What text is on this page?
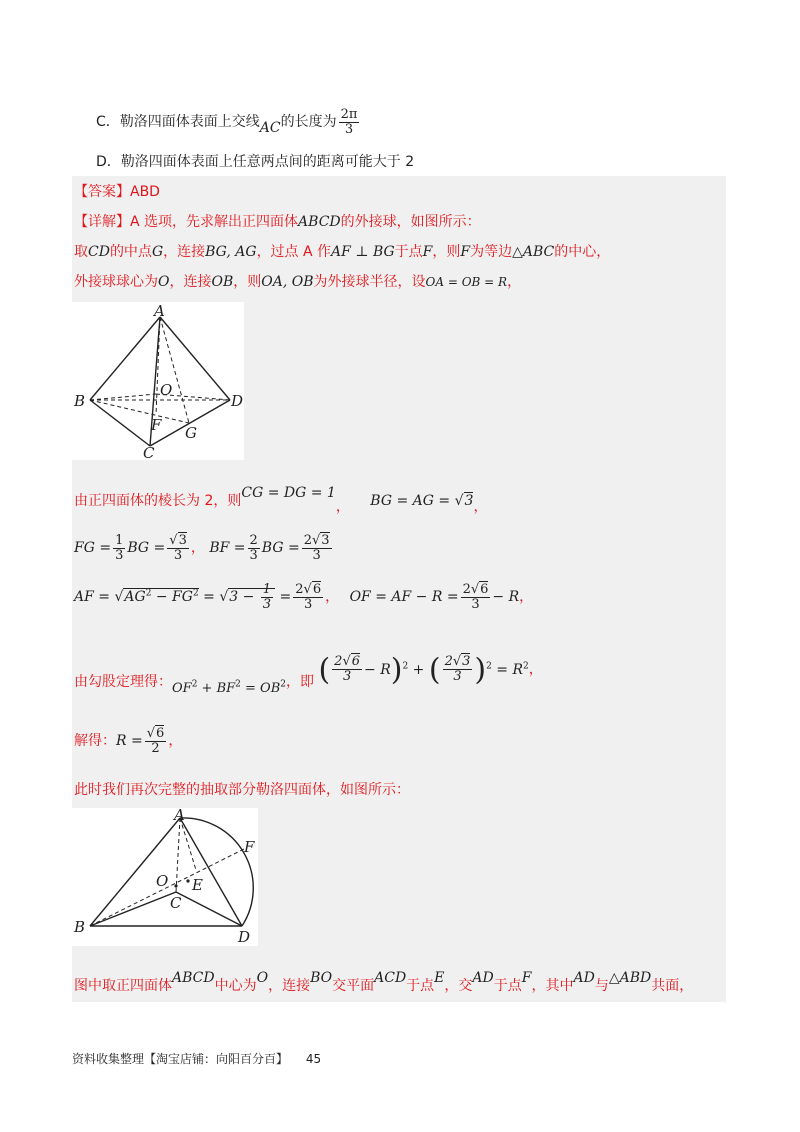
C．勒洛四面体表面上交线AC的长度为 $\frac{2\pi}{3}$
D．勒洛四面体表面上任意两点间的距离可能大于 2
【答案】ABD
【详解】A 选项，先求解出正四面体ABCD的外接球，如图所示：
取CD的中点G，连接BG, AG，过点 A 作AF ⊥ BG于点F，则F为等边△ABC的中心，
外接球球心为O，连接OB，则OA, OB为外接球半径，设OA = OB = R，
A
B
C
D
O
F G
由正四面体的棱长为 2，则CG = DG = 1， BG = AG = √3，
FG = $\frac{1}{3}$ BG = $\frac{√3}{3}$ ， BF = $\frac{2}{3}$ BG = $\frac{2√3}{3}$
AF = $√AG^2 - FG^2 = √3 - \frac{1}{3} = \frac{2√6}{3}$ ， OF = AF − $R = \frac{2√6}{3} - R$，
由勾股定理得：$OF^2 + BF^2 = OB^2$，即 ( $\frac{2√6}{3} - R)^2$ + ( $\frac{2√3}{3} )^2 = R^2$，
解得：$R = \frac{√6}{2}$ ，
此时我们再次完整的抽取部分勒洛四面体，如图所示：
A
B
C
D
O E
F
图中取正四面体ABCD中心为O，连接BO交平面ACD于点E，交AD于点F，其中AD与△ABD共面，
资料收集整理【淘宝店铺：向阳百分百】 45
